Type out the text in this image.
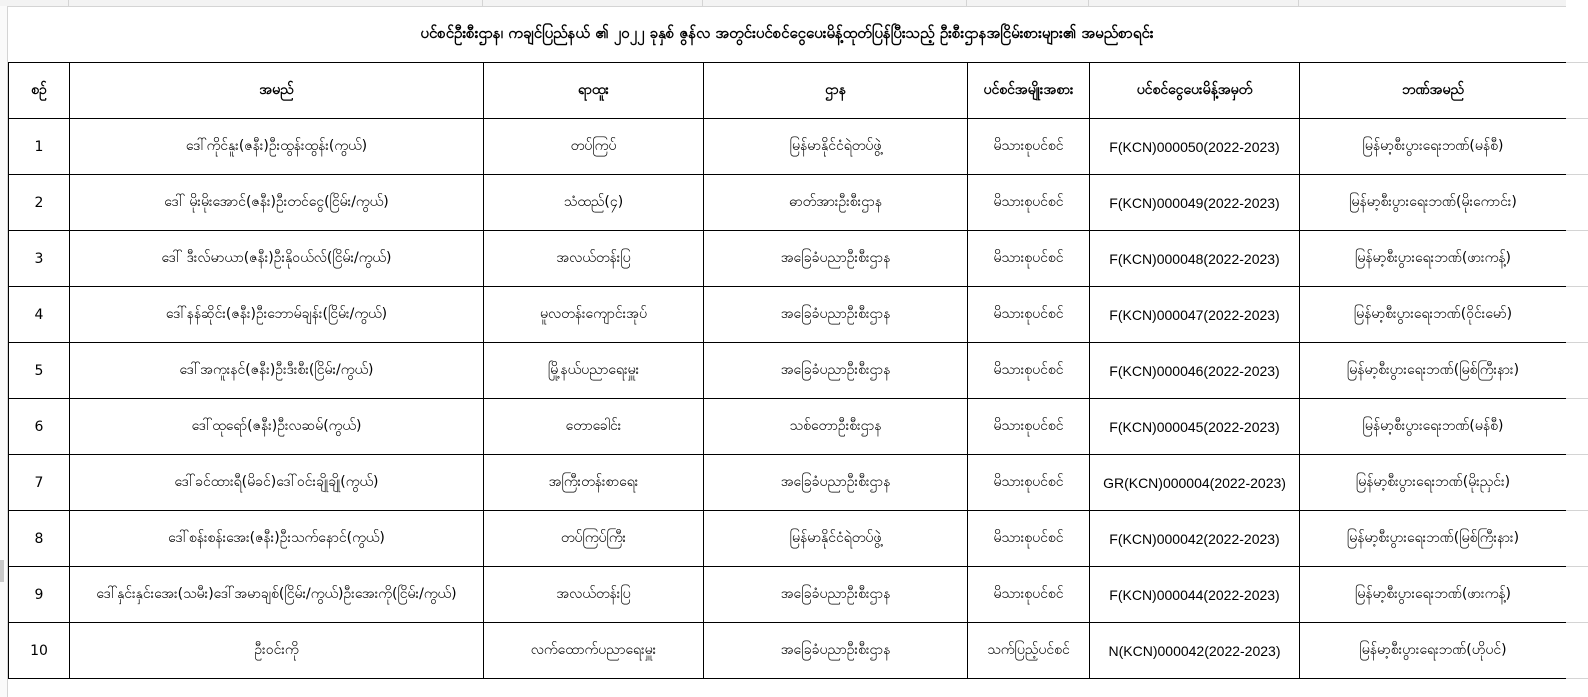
ပင်စင်ဦးစီးဌာန၊ ကချင်ပြည်နယ် ၏ ၂၀၂၂ ခုနှစ် ဇွန်လ အတွင်းပင်စင်ငွေပေးမိန့်ထုတ်ပြန်ပြီးသည့် ဦးစီးဌာနအငြိမ်းစားများ၏ အမည်စာရင်း
စဉ်	အမည်	ရာထူး	ဌာန	ပင်စင်အမျိုးအစား	ပင်စင်ငွေပေးမိန့်အမှတ်	ဘဏ်အမည်
1	ဒေါ်ကိုင်နူး(ဇနီး)ဦးထွန်းထွန်း(ကွယ်)	တပ်ကြပ်	မြန်မာနိုင်ငံရဲတပ်ဖွဲ့	မိသားစုပင်စင်	F(KCN)000050(2022-2023)	မြန်မာ့စီးပွားရေးဘဏ်(မန်စီ)
2	ဒေါ် မိုးမိုးအောင်(ဇနီး)ဦးတင်ငွေ(ငြိမ်း/ကွယ်)	သံထည်(၄)	ဓာတ်အားဦးစီးဌာန	မိသားစုပင်စင်	F(KCN)000049(2022-2023)	မြန်မာ့စီးပွားရေးဘဏ်(မိုးကောင်း)
3	ဒေါ် ဒီးလ်မာယာ(ဇနီး)ဦးနိုဝယ်လ်(ငြိမ်း/ကွယ်)	အလယ်တန်းပြ	အခြေခံပညာဦးစီးဌာန	မိသားစုပင်စင်	F(KCN)000048(2022-2023)	မြန်မာ့စီးပွားရေးဘဏ်(ဖားကန့်)
4	ဒေါ်နန်ဆိုင်း(ဇနီး)ဦးဘောမ်ချန်း(ငြိမ်း/ကွယ်)	မူလတန်းကျောင်းအုပ်	အခြေခံပညာဦးစီးဌာန	မိသားစုပင်စင်	F(KCN)000047(2022-2023)	မြန်မာ့စီးပွားရေးဘဏ်(ဝိုင်းမော်)
5	ဒေါ်အကူးနင်(ဇနီး)ဦးဒီးစီး(ငြိမ်း/ကွယ်)	မြို့နယ်ပညာရေးမှူး	အခြေခံပညာဦးစီးဌာန	မိသားစုပင်စင်	F(KCN)000046(2022-2023)	မြန်မာ့စီးပွားရေးဘဏ်(မြစ်ကြီးနား)
6	ဒေါ်ထုရော်(ဇနီး)ဦးလဆမ်(ကွယ်)	တောခေါင်း	သစ်တောဦးစီးဌာန	မိသားစုပင်စင်	F(KCN)000045(2022-2023)	မြန်မာ့စီးပွားရေးဘဏ်(မန်စီ)
7	ဒေါ်ခင်ထားရီ(မိခင်)ဒေါ်ဝင်းချိုချို(ကွယ်)	အကြီးတန်းစာရေး	အခြေခံပညာဦးစီးဌာန	မိသားစုပင်စင်	GR(KCN)000004(2022-2023)	မြန်မာ့စီးပွားရေးဘဏ်(မိုးညှင်း)
8	ဒေါ်စန်းစန်းအေး(ဇနီး)ဦးသက်နောင်(ကွယ်)	တပ်ကြပ်ကြီး	မြန်မာနိုင်ငံရဲတပ်ဖွဲ့	မိသားစုပင်စင်	F(KCN)000042(2022-2023)	မြန်မာ့စီးပွားရေးဘဏ်(မြစ်ကြီးနား)
9	ဒေါ်နှင်းနှင်းအေး(သမီး)ဒေါ်အမာချစ်(ငြိမ်း/ကွယ်)ဦးအေးကို(ငြိမ်း/ကွယ်)	အလယ်တန်းပြ	အခြေခံပညာဦးစီးဌာန	မိသားစုပင်စင်	F(KCN)000044(2022-2023)	မြန်မာ့စီးပွားရေးဘဏ်(ဖားကန့်)
10	ဦးဝင်းကို	လက်ထောက်ပညာရေးမှူး	အခြေခံပညာဦးစီးဌာန	သက်ပြည့်ပင်စင်	N(KCN)000042(2022-2023)	မြန်မာ့စီးပွားရေးဘဏ်(ဟိုပင်)
